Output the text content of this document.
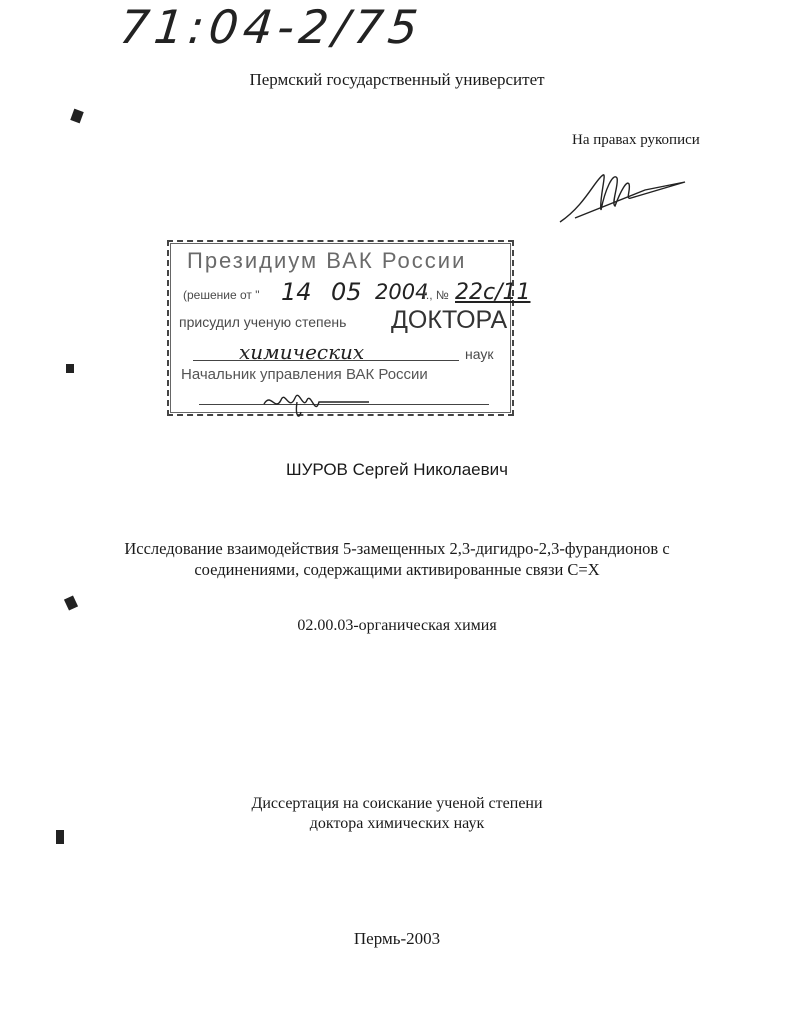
71:04-2/75
Пермский государственный университет
На правах рукописи
Президиум ВАК России
(решение от " 14 05 2004
г., № 22с/11
присудил ученую степень ДОКТОРА
химических	наук
Начальник управления ВАК России
ШУРОВ Сергей Николаевич
Исследование взаимодействия 5-замещенных 2,3-дигидро-2,3-фурандионов с
соединениями, содержащими активированные связи C=X
02.00.03-органическая химия
Диссертация на соискание ученой степени
доктора химических наук
Пермь-2003
